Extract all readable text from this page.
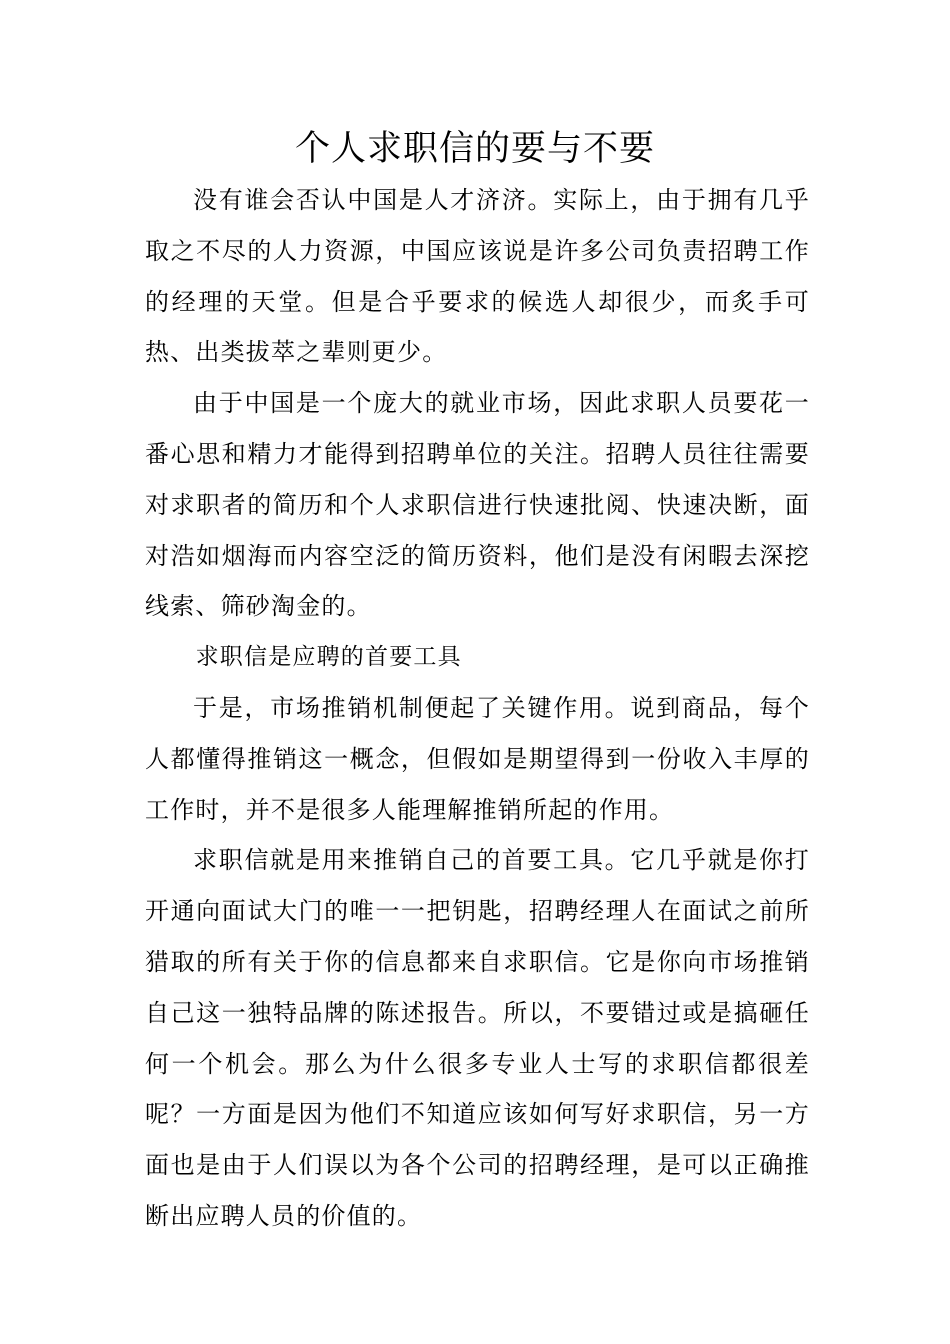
个人求职信的要与不要

没有谁会否认中国是人才济济。实际上，由于拥有几乎取之不尽的人力资源，中国应该说是许多公司负责招聘工作的经理的天堂。但是合乎要求的候选人却很少，而炙手可热、出类拔萃之辈则更少。

由于中国是一个庞大的就业市场，因此求职人员要花一番心思和精力才能得到招聘单位的关注。招聘人员往往需要对求职者的简历和个人求职信进行快速批阅、快速决断，面对浩如烟海而内容空泛的简历资料，他们是没有闲暇去深挖线索、筛砂淘金的。

求职信是应聘的首要工具

于是，市场推销机制便起了关键作用。说到商品，每个人都懂得推销这一概念，但假如是期望得到一份收入丰厚的工作时，并不是很多人能理解推销所起的作用。

求职信就是用来推销自己的首要工具。它几乎就是你打开通向面试大门的唯一一把钥匙，招聘经理人在面试之前所猎取的所有关于你的信息都来自求职信。它是你向市场推销自己这一独特品牌的陈述报告。所以，不要错过或是搞砸任何一个机会。那么为什么很多专业人士写的求职信都很差呢？一方面是因为他们不知道应该如何写好求职信，另一方面也是由于人们误以为各个公司的招聘经理，是可以正确推断出应聘人员的价值的。
